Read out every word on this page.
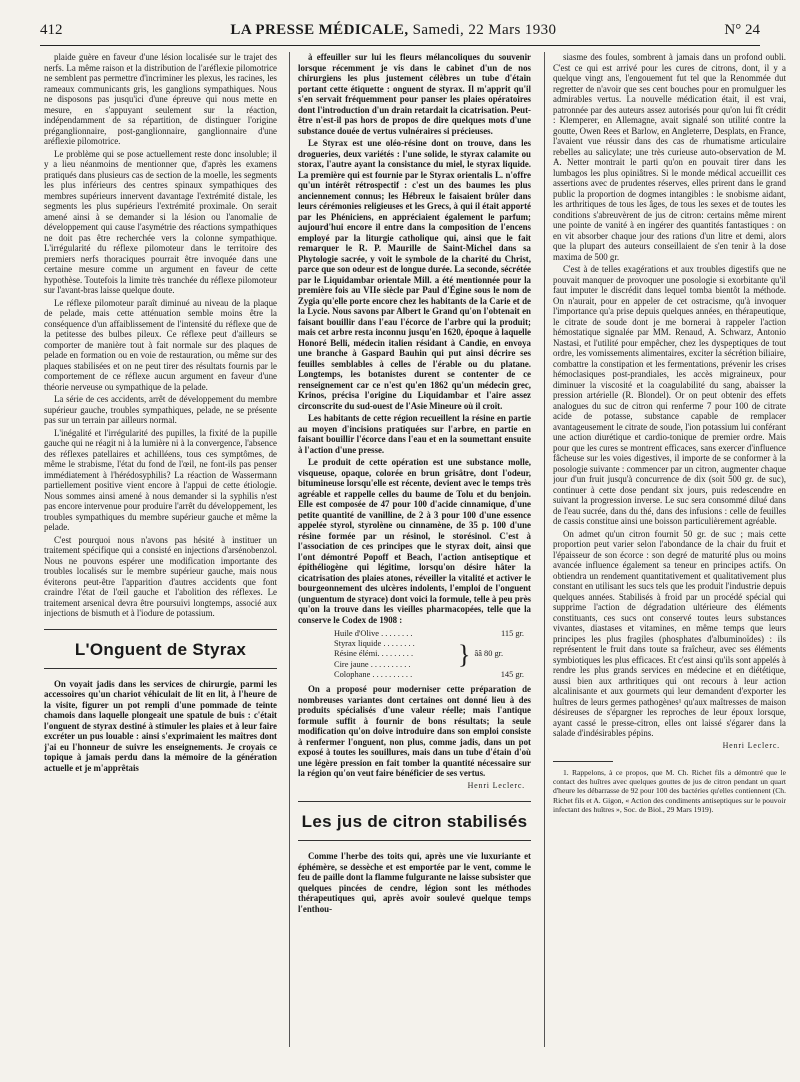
412	LA PRESSE MÉDICALE, Samedi, 22 Mars 1930	N° 24

plaide guère en faveur d'une lésion localisée sur le trajet des nerfs. La même raison et la distribution de l'aréflexie pilomotrice ne semblent pas permettre d'incriminer les plexus, les racines, les rameaux communicants gris, les ganglions sympathiques. Nous ne disposons pas jusqu'ici d'une épreuve qui nous mette en mesure, en s'appuyant seulement sur la réaction, indépendamment de sa répartition, de distinguer l'origine préganglionnaire, post-ganglionnaire, ganglionnaire d'une aréflexie pilomotrice.

Le problème qui se pose actuellement reste donc insoluble; il y a lieu néanmoins de mentionner que, d'après les examens pratiqués dans plusieurs cas de section de la moelle, les segments les plus inférieurs des centres spinaux sympathiques des membres supérieurs innervent davantage l'extrémité distale, les segments les plus supérieurs l'extrémité proximale. On serait amené ainsi à se demander si la lésion ou l'anomalie de développement qui cause l'asymétrie des réactions sympathiques ne doit pas être recherchée vers la colonne sympathique. L'irrégularité du réflexe pilomoteur dans le territoire des premiers nerfs thoraciques pourrait être invoquée dans une certaine mesure comme un argument en faveur de cette hypothèse. Toutefois la limite très tranchée du réflexe pilomoteur sur l'avant-bras laisse quelque doute.

Le réflexe pilomoteur paraît diminué au niveau de la plaque de pelade, mais cette atténuation semble moins être la conséquence d'un affaiblissement de l'intensité du réflexe que de la petitesse des bulbes pileux. Ce réflexe peut d'ailleurs se comporter de manière tout à fait normale sur des plaques de pelade en formation ou en voie de restauration, ou même sur des plaques stabilisées et on ne peut tirer des résultats fournis par le comportement de ce réflexe aucun argument en faveur d'une théorie nerveuse ou sympathique de la pelade.

La série de ces accidents, arrêt de développement du membre supérieur gauche, troubles sympathiques, pelade, ne se présente pas sur un terrain par ailleurs normal.

L'inégalité et l'irrégularité des pupilles, la fixité de la pupille gauche qui ne réagit ni à la lumière ni à la convergence, l'absence des réflexes patellaires et achilléens, tous ces symptômes, de même le strabisme, l'état du fond de l'œil, ne font-ils pas penser immédiatement à l'hérédosyphilis? La réaction de Wassermann partiellement positive vient encore à l'appui de cette étiologie. Nous sommes ainsi amené à nous demander si la syphilis n'est pas encore intervenue pour produire l'arrêt du développement, les troubles sympathiques du membre supérieur gauche et même la pelade.

C'est pourquoi nous n'avons pas hésité à instituer un traitement spécifique qui a consisté en injections d'arsénobenzol. Nous ne pouvons espérer une modification importante des troubles localisés sur le membre supérieur gauche, mais nous éviterons peut-être l'apparition d'autres accidents que font craindre l'état de l'œil gauche et l'abolition des réflexes. Le traitement arsenical devra être poursuivi longtemps, associé aux injections de bismuth et à l'iodure de potassium.

L'Onguent de Styrax

On voyait jadis dans les services de chirurgie, parmi les accessoires qu'un chariot véhiculait de lit en lit, à l'heure de la visite, figurer un pot rempli d'une pommade de teinte chamois dans laquelle plongeait une spatule de buis : c'était l'onguent de styrax destiné à stimuler les plaies et à leur faire excréter un pus louable : ainsi s'exprimaient les maîtres dont j'ai eu l'honneur de suivre les enseignements. Je croyais ce topique à jamais perdu dans la mémoire de la génération actuelle et je m'apprêtais

à effeuiller sur lui les fleurs mélancoliques du souvenir lorsque récemment je vis dans le cabinet d'un de nos chirurgiens les plus justement célèbres un tube d'étain portant cette étiquette : onguent de styrax. Il m'apprit qu'il s'en servait fréquemment pour panser les plaies opératoires dont l'introduction d'un drain retardait la cicatrisation. Peut-être n'est-il pas hors de propos de dire quelques mots d'une substance douée de vertus vulnéraires si précieuses.

Le Styrax est une oléo-résine dont on trouve, dans les drogueries, deux variétés : l'une solide, le styrax calamite ou storax, l'autre ayant la consistance du miel, le styrax liquide. La première qui est fournie par le Styrax orientalis L. n'offre qu'un intérêt rétrospectif : c'est un des baumes les plus anciennement connus; les Hébreux le faisaient brûler dans leurs cérémonies religieuses et les Grecs, à qui il était apporté par les Phéniciens, en appréciaient également le parfum; aujourd'hui encore il entre dans la composition de l'encens employé par la liturgie catholique qui, ainsi que le fait remarquer le R. P. Maurille de Saint-Michel dans sa Phytologie sacrée, y voit le symbole de la charité du Christ, parce que son odeur est de longue durée. La seconde, sécrétée par le Liquidambar orientale Mill. a été mentionnée pour la première fois au VIIe siècle par Paul d'Égine sous le nom de Zygia qu'elle porte encore chez les habitants de la Carie et de la Lycie. Nous savons par Albert le Grand qu'on l'obtenait en faisant bouillir dans l'eau l'écorce de l'arbre qui la produit; mais cet arbre resta inconnu jusqu'en 1620, époque à laquelle Honoré Belli, médecin italien résidant à Candie, en envoya une branche à Gaspard Bauhin qui put ainsi décrire ses feuilles semblables à celles de l'érable ou du platane. Longtemps, les botanistes durent se contenter de ce renseignement car ce n'est qu'en 1862 qu'un médecin grec, Krinos, précisa l'origine du Liquidambar et l'aire assez circonscrite du sud-ouest de l'Asie Mineure où il croît.

Les habitants de cette région recueillent la résine en partie au moyen d'incisions pratiquées sur l'arbre, en partie en faisant bouillir l'écorce dans l'eau et en la soumettant ensuite à l'action d'une presse.

Le produit de cette opération est une substance molle, visqueuse, opaque, colorée en brun grisâtre, dont l'odeur, bitumineuse lorsqu'elle est récente, devient avec le temps très agréable et rappelle celles du baume de Tolu et du benjoin. Elle est composée de 47 pour 100 d'acide cinnamique, d'une petite quantité de vanilline, de 2 à 3 pour 100 d'une essence appelée styrol, styrolène ou cinnamène, de 35 p. 100 d'une résine formée par un résinol, le storésinol. C'est à l'association de ces principes que le styrax doit, ainsi que l'ont démontré Popoff et Beach, l'action antiseptique et épithéliogène qui légitime, lorsqu'on désire hâter la cicatrisation des plaies atones, réveiller la vitalité et activer le bourgeonnement des ulcères indolents, l'emploi de l'onguent (unguentum de styrace) dont voici la formule, telle à peu près qu'on la trouve dans les vieilles pharmacopées, telle que la conserve le Codex de 1908 :

Huile d'Olive . . . . . . . .	115 gr.
Styrax liquide . . . . . . . .
Résine élémi. . . . . . . . .
Cire jaune . . . . . . . . . .	} ââ 80 gr.
Colophane . . . . . . . . . .	145 gr.

On a proposé pour moderniser cette préparation de nombreuses variantes dont certaines ont donné lieu à des produits spécialisés d'une valeur réelle; mais l'antique formule suffit à fournir de bons résultats; la seule modification qu'on doive introduire dans son emploi consiste à renfermer l'onguent, non plus, comme jadis, dans un pot exposé à toutes les souillures, mais dans un tube d'étain d'où une légère pression en fait tomber la quantité nécessaire sur la région qu'on veut faire bénéficier de ses vertus.

Henri Leclerc.
Les jus de citron stabilisés

Comme l'herbe des toits qui, après une vie luxuriante et éphémère, se dessèche et est emportée par le vent, comme le feu de paille dont la flamme fulgurante ne laisse subsister que quelques pincées de cendre, légion sont les méthodes thérapeutiques qui, après avoir soulevé quelque temps l'enthou-

siasme des foules, sombrent à jamais dans un profond oubli. C'est ce qui est arrivé pour les cures de citrons, dont, il y a quelque vingt ans, l'engouement fut tel que la Renommée dut regretter de n'avoir que ses cent bouches pour en promulguer les admirables vertus. La nouvelle médication était, il est vrai, patronnée par des auteurs assez autorisés pour qu'on lui fît crédit : Klemperer, en Allemagne, avait signalé son utilité contre la goutte, Owen Rees et Barlow, en Angleterre, Desplats, en France, l'avaient vue réussir dans des cas de rhumatisme articulaire rebelles au salicylate; une très curieuse auto-observation de M. A. Netter montrait le parti qu'on en pouvait tirer dans les lumbagos les plus opiniâtres. Si le monde médical accueillit ces assertions avec de prudentes réserves, elles prirent dans le grand public la proportion de dogmes intangibles : le snobisme aidant, les arthritiques de tous les âges, de tous les sexes et de toutes les conditions s'abreuvèrent de jus de citron: certains même mirent une pointe de vanité à en ingérer des quantités fantastiques : on en vit absorber chaque jour des rations d'un litre et demi, alors que la plupart des auteurs conseillaient de s'en tenir à la dose maxima de 500 gr.

C'est à de telles exagérations et aux troubles digestifs que ne pouvait manquer de provoquer une posologie si exorbitante qu'il faut imputer le discrédit dans lequel tomba bientôt la méthode. On n'aurait, pour en appeler de cet ostracisme, qu'à invoquer l'importance qu'a prise depuis quelques années, en thérapeutique, le citrate de soude dont je me bornerai à rappeler l'action hémostatique signalée par MM. Renaud, A. Schwarz, Antonio Nastasi, et l'utilité pour empêcher, chez les dyspeptiques de tout ordre, les vomissements alimentaires, exciter la sécrétion biliaire, combattre la constipation et les fermentations, prévenir les crises hémoclasiques post-prandiales, les accès migraineux, pour diminuer la viscosité et la coagulabilité du sang, abaisser la pression artérielle (R. Blondel). Or on peut obtenir des effets analogues du suc de citron qui renferme 7 pour 100 de citrate acide de potasse, substance capable de remplacer avantageusement le citrate de soude, l'ion potassium lui conférant une action diurétique et cardio-tonique de premier ordre. Mais pour que les cures se montrent efficaces, sans exercer d'influence fâcheuse sur les voies digestives, il importe de se conformer à la posologie suivante : commencer par un citron, augmenter chaque jour d'un fruit jusqu'à concurrence de dix (soit 500 gr. de suc), continuer à cette dose pendant six jours, puis redescendre en suivant la progression inverse. Le suc sera consommé dilué dans de l'eau sucrée, dans du thé, dans des infusions : celle de feuilles de cassis constitue ainsi une boisson particulièrement agréable.

On admet qu'un citron fournit 50 gr. de suc ; mais cette proportion peut varier selon l'abondance de la chair du fruit et l'épaisseur de son écorce : son degré de maturité plus ou moins avancée influence également sa teneur en principes actifs. On obtiendra un rendement quantitativement et qualitativement plus constant en utilisant les sucs tels que les produit l'industrie depuis quelques années. Stabilisés à froid par un procédé spécial qui supprime l'action de dégradation ultérieure des éléments constituants, ces sucs ont conservé toutes leurs substances vivantes, diastases et vitamines, en même temps que leurs principes les plus fragiles (phosphates d'albuminoïdes) : ils représentent le fruit dans toute sa fraîcheur, avec ses éléments symbiotiques les plus efficaces. Et c'est ainsi qu'ils sont appelés à rendre les plus grands services en médecine et en diététique, aussi bien aux arthritiques qui ont recours à leur action alcalinisante et aux gourmets qui leur demandent d'exporter les huîtres de leurs germes pathogènes¹ qu'aux maîtresses de maison désireuses de s'épargner les reproches de leur époux lorsque, ayant cassé le presse-citron, elles ont laissé s'égarer dans la salade d'indésirables pépins.

Henri Leclerc.

1. Rappelons, à ce propos, que M. Ch. Richet fils a démontré que le contact des huîtres avec quelques gouttes de jus de citron pendant un quart d'heure les débarrasse de 92 pour 100 des bactéries qu'elles contiennent (Ch. Richet fils et A. Gigon, « Action des condiments antiseptiques sur le pouvoir infectant des huîtres », Soc. de Biol., 29 Mars 1919).
